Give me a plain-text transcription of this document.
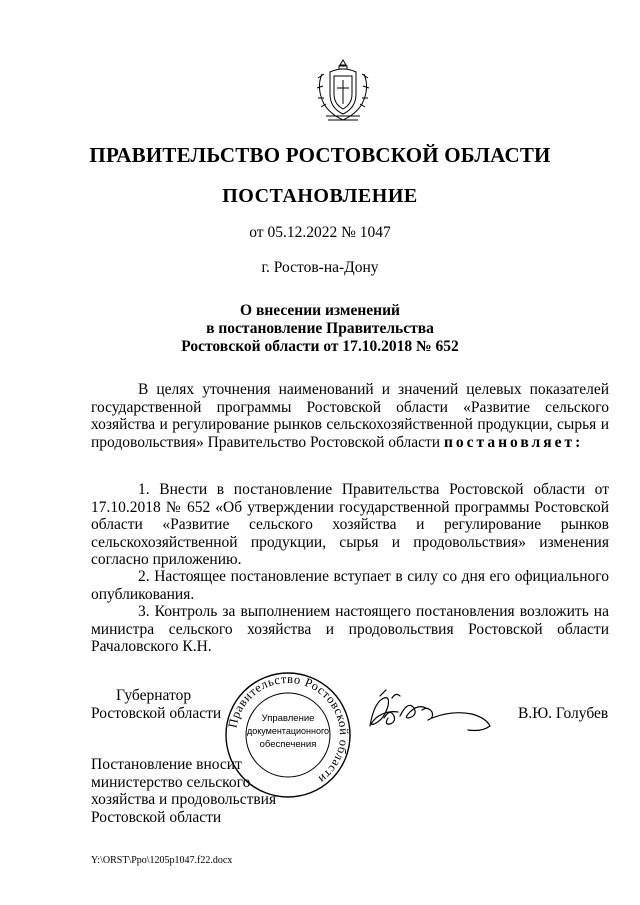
ПРАВИТЕЛЬСТВО РОСТОВСКОЙ ОБЛАСТИ
ПОСТАНОВЛЕНИЕ
от 05.12.2022 № 1047
г. Ростов-на-Дону
О внесении изменений
в постановление Правительства
Ростовской области от 17.10.2018 № 652
В целях уточнения наименований и значений целевых показателей государственной программы Ростовской области «Развитие сельского хозяйства и регулирование рынков сельскохозяйственной продукции, сырья и продовольствия» Правительство Ростовской области постановляет:
1. Внести в постановление Правительства Ростовской области от 17.10.2018 № 652 «Об утверждении государственной программы Ростовской области «Развитие сельского хозяйства и регулирование рынков сельскохозяйственной продукции, сырья и продовольствия» изменения согласно приложению.
2. Настоящее постановление вступает в силу со дня его официального опубликования.
3. Контроль за выполнением настоящего постановления возложить на министра сельского хозяйства и продовольствия Ростовской области Рачаловского К.Н.
Губернатор
Ростовской области
Правительство Ростовской области
Управление
документационного
обеспечения
В.Ю. Голубев
Постановление вносит
министерство сельского
хозяйства и продовольствия
Ростовской области
Y:\ORST\Ppo\1205p1047.f22.docx
